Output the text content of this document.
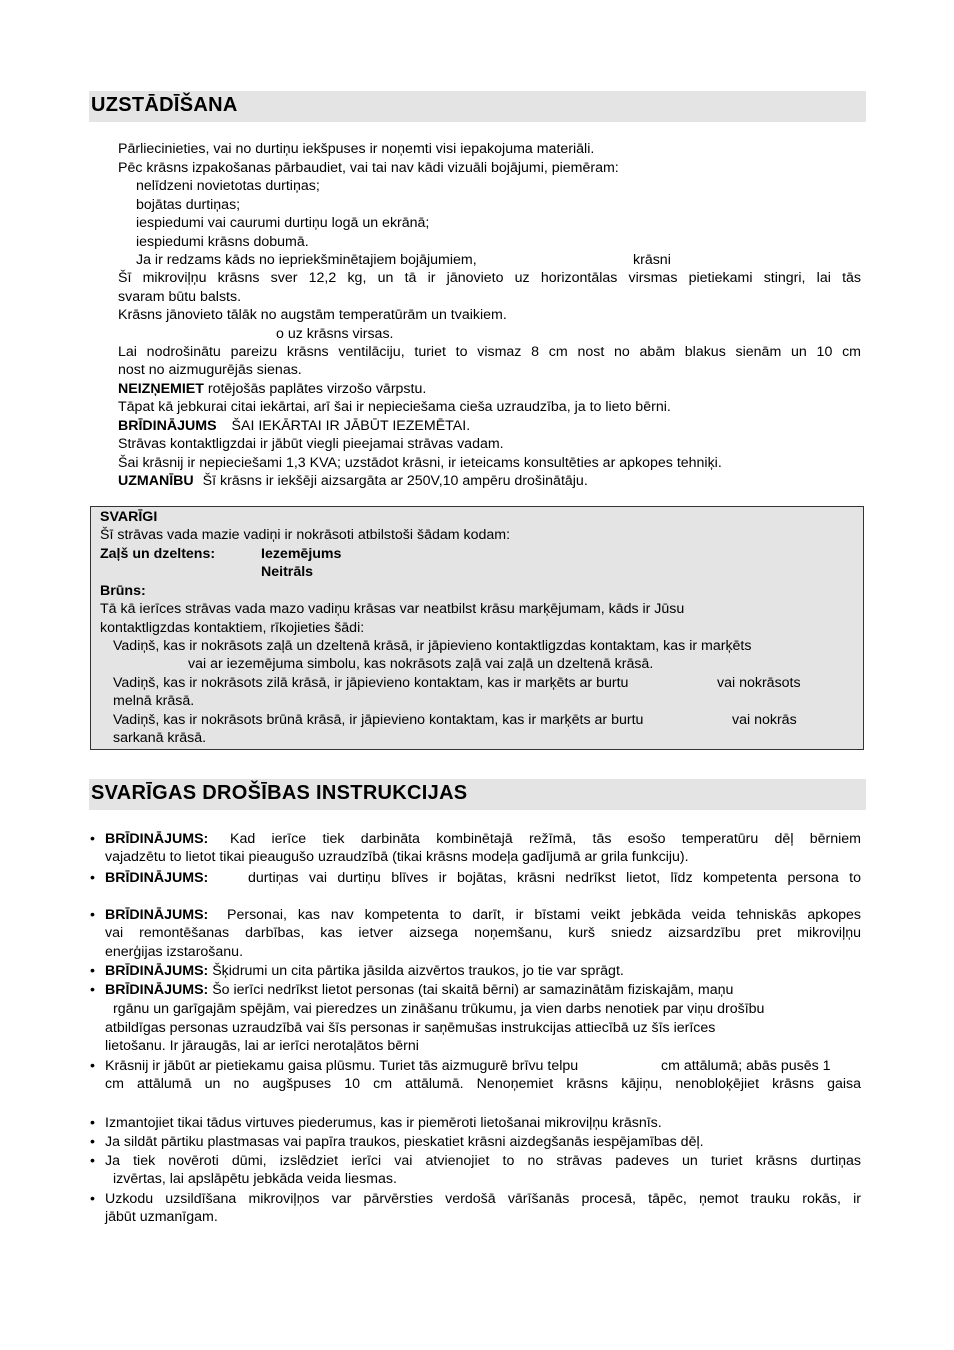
UZSTĀDĪŠANA
Pārliecinieties, vai no durtiņu iekšpuses ir noņemti visi iepakojuma materiāli.
Pēc krāsns izpakošanas pārbaudiet, vai tai nav kādi vizuāli bojājumi, piemēram:
nelīdzeni novietotas durtiņas;
bojātas durtiņas;
iespiedumi vai caurumi durtiņu logā un ekrānā;
iespiedumi krāsns dobumā.
Ja ir redzams kāds no iepriekšminētajiem bojājumiem,	krāsni
Šī mikroviļņu krāsns sver 12,2 kg, un tā ir jānovieto uz horizontālas virsmas pietiekami stingri, lai tās
svaram būtu balsts.
Krāsns jānovieto tālāk no augstām temperatūrām un tvaikiem.
o uz krāsns virsas.
Lai nodrošinātu pareizu krāsns ventilāciju, turiet to vismaz 8 cm nost no abām blakus sienām un 10 cm
nost no aizmugurējās sienas.
NEIZŅEMIET rotējošās paplātes virzošo vārpstu.
Tāpat kā jebkurai citai iekārtai, arī šai ir nepieciešama cieša uzraudzība, ja to lieto bērni.
BRĪDINĀJUMS ŠAI IEKĀRTAI IR JĀBŪT IEZEMĒTAI.
Strāvas kontaktligzdai ir jābūt viegli pieejamai strāvas vadam.
Šai krāsnij ir nepieciešami 1,3 KVA; uzstādot krāsni, ir ieteicams konsultēties ar apkopes tehniķi.
UZMANĪBU Šī krāsns ir iekšēji aizsargāta ar 250V,10 ampēru drošinātāju.
SVARĪGI
Šī strāvas vada mazie vadiņi ir nokrāsoti atbilstoši šādam kodam:
Zaļš un dzeltens:	Iezemējums
Neitrāls
Brūns:
Tā kā ierīces strāvas vada mazo vadiņu krāsas var neatbilst krāsu marķējumam, kāds ir Jūsu
kontaktligzdas kontaktiem, rīkojieties šādi:
Vadiņš, kas ir nokrāsots zaļā un dzeltenā krāsā, ir jāpievieno kontaktligzdas kontaktam, kas ir marķēts
vai ar iezemējuma simbolu, kas nokrāsots zaļā vai zaļā un dzeltenā krāsā.
Vadiņš, kas ir nokrāsots zilā krāsā, ir jāpievieno kontaktam, kas ir marķēts ar burtu	vai nokrāsots
melnā krāsā.
Vadiņš, kas ir nokrāsots brūnā krāsā, ir jāpievieno kontaktam, kas ir marķēts ar burtu	vai nokrās
sarkanā krāsā.
SVARĪGAS DROŠĪBAS INSTRUKCIJAS
• BRĪDINĀJUMS: Kad ierīce tiek darbināta kombinētajā režīmā, tās esošo temperatūru dēļ bērniem
vajadzētu to lietot tikai pieaugušo uzraudzībā (tikai krāsns modeļa gadījumā ar grila funkciju).
• BRĪDINĀJUMS:	durtiņas vai durtiņu blīves ir bojātas, krāsni nedrīkst lietot, līdz kompetenta persona to
• BRĪDINĀJUMS: Personai, kas nav kompetenta to darīt, ir bīstami veikt jebkāda veida tehniskās apkopes
vai remontēšanas darbības, kas ietver aizsega noņemšanu, kurš sniedz aizsardzību pret mikroviļņu
enerģijas izstarošanu.
• BRĪDINĀJUMS: Šķidrumi un cita pārtika jāsilda aizvērtos traukos, jo tie var sprāgt.
• BRĪDINĀJUMS: Šo ierīci nedrīkst lietot personas (tai skaitā bērni) ar samazinātām fiziskajām, maņu
rgānu un garīgajām spējām, vai pieredzes un zināšanu trūkumu, ja vien darbs nenotiek par viņu drošību
atbildīgas personas uzraudzībā vai šīs personas ir saņēmušas instrukcijas attiecībā uz šīs ierīces
lietošanu. Ir jāraugās, lai ar ierīci nerotaļātos bērni
• Krāsnij ir jābūt ar pietiekamu gaisa plūsmu. Turiet tās aizmugurē brīvu telpu	cm attālumā; abās pusēs 1
cm attālumā un no augšpuses 10 cm attālumā. Nenoņemiet krāsns kājiņu, nenobloķējiet krāsns gaisa
• Izmantojiet tikai tādus virtuves piederumus, kas ir piemēroti lietošanai mikroviļņu krāsnīs.
• Ja sildāt pārtiku plastmasas vai papīra traukos, pieskatiet krāsni aizdegšanās iespējamības dēļ.
• Ja tiek novēroti dūmi, izslēdziet ierīci vai atvienojiet to no strāvas padeves un turiet krāsns durtiņas
izvērtas, lai apslāpētu jebkāda veida liesmas.
• Uzkodu uzsildīšana mikroviļņos var pārvērsties verdošā vārīšanās procesā, tāpēc, ņemot trauku rokās, ir
jābūt uzmanīgam.
